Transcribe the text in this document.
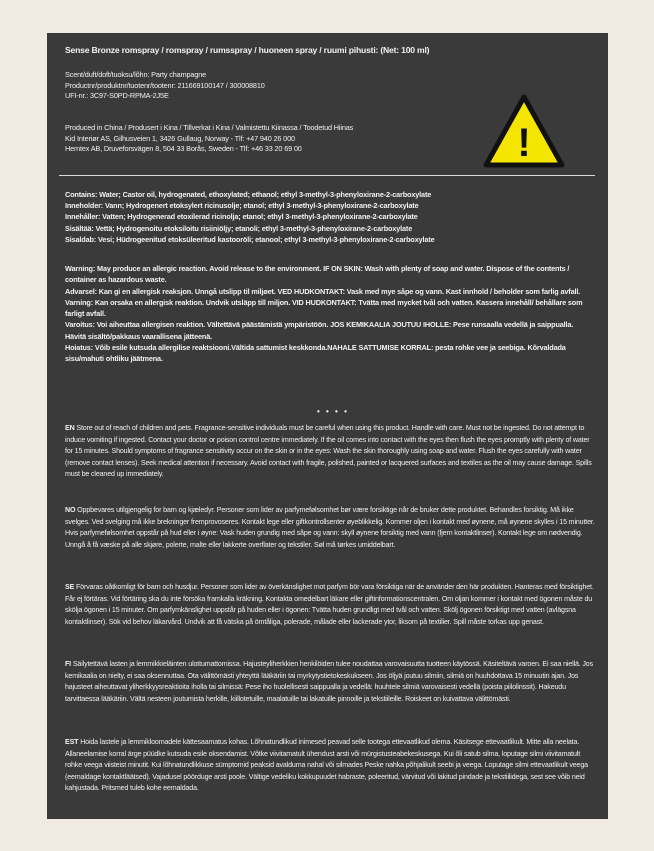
Sense Bronze romspray / romspray / rumsspray / huoneen spray / ruumi pihusti: (Net: 100 ml)
Scent/duft/doft/tuoksu/lõhn: Party champagne
Productnr/produktnr/tuotenr/tootenr: 211669100147 / 300008810
UFI-nr.: 3C97-S0PD-RPMA-2J5E
Produced in China / Produsert i Kina / Tillverkat i Kina / Valmistettu Kiinassa / Toodetud Hiinas
Kid Interiør AS, Gilhusveien 1, 3426 Gullaug, Norway - Tlf: +47 940 26 000
Hemtex AB, Druveforsvägen 8, 504 33 Borås, Sweden - Tlf: +46 33 20 69 00	!
Contains: Water; Castor oil, hydrogenated, ethoxylated; ethanol; ethyl 3-methyl-3-phenyloxirane-2-carboxylate
Inneholder: Vann; Hydrogenert etoksylert ricinusolje; etanol; ethyl 3-methyl-3-phenyloxirane-2-carboxylate
Innehåller: Vatten; Hydrogenerad etoxilerad ricinolja; etanol; ethyl 3-methyl-3-phenyloxirane-2-carboxylate
Sisältää: Vettä; Hydrogenoitu etoksiloitu risiiniöljy; etanoli; ethyl 3-methyl-3-phenyloxirane-2-carboxylate
Sisaldab: Vesi; Hüdrogeenitud etoksüleeritud kastooröli; etanool; ethyl 3-methyl-3-phenyloxirane-2-carboxylate

Warning: May produce an allergic reaction. Avoid release to the environment. IF ON SKIN: Wash with plenty of soap and water. Dispose of the contents / container as hazardous waste.

Advarsel: Kan gi en allergisk reaksjon. Unngå utslipp til miljøet. VED HUDKONTAKT: Vask med mye såpe og vann. Kast innhold / beholder som farlig avfall.

Varning: Kan orsaka en allergisk reaktion. Undvik utsläpp till miljon. VID HUDKONTAKT: Tvätta med mycket tvål och vatten. Kassera innehåll/ behållare som farligt avfall.

Varoitus: Voi aiheuttaa allergisen reaktion. Vältettävä päästämistä ympäristöön. JOS KEMIKAALIA JOUTUU IHOLLE: Pese runsaalla vedellä ja saippualla. Hävitä sisältö/pakkaus vaarallisena jätteenä.

Hoiatus: Võib esile kutsuda allergilise reaktsiooni.Vältida sattumist keskkonda.NAHALE SATTUMISE KORRAL: pesta rohke vee ja seebiga. Kõrvaldada sisu/mahuti ohtliku jäätmena.

• • • •
EN Store out of reach of children and pets. Fragrance-sensitive individuals must be careful when using this product. Handle with care. Must not be ingested. Do not attempt to induce vomiting if ingested. Contact your doctor or poison control centre immediately. If the oil comes into contact with the eyes then flush the eyes promptly with plenty of water for 15 minutes. Should symptoms of fragrance sensitivity occur on the skin or in the eyes: Wash the skin thoroughly using soap and water. Flush the eyes carefully with water (remove contact lenses). Seek medical attention if necessary. Avoid contact with fragile, polished, painted or lacquered surfaces and textiles as the oil may cause damage. Spills must be cleaned up immediately.
NO Oppbevares utilgjengelig for barn og kjæledyr. Personer som lider av parfymefølsomhet bør være forsiktige når de bruker dette produktet. Behandles forsiktig. Må ikke svelges. Ved svelging må ikke brekninger fremprovoseres. Kontakt lege eller giftkontrollsenter øyeblikkelig. Kommer oljen i kontakt med øynene, må øynene skylles i 15 minutter. Hvis parfymefølsomhet oppstår på hud eller i øyne: Vask huden grundig med såpe og vann: skyll øynene forsiktig med vann (fjern kontaktlinser). Kontakt lege om nødvendig. Unngå å få væske på alle skjøre, polerte, malte eller lakkerte overflater og tekstiler. Søl må tørkes umiddelbart.
SE Förvaras oåtkomligt för barn och husdjur. Personer som lider av överkänslighet mot parfym bör vara försiktiga när de använder den här produkten. Hanteras med försiktighet. Får ej förtäras. Vid förtäring ska du inte försöka framkalla kräkning. Kontakta omedelbart läkare eller giftinformationscentralen. Om oljan kommer i kontakt med ögonen måste du skölja ögonen i 15 minuter. Om parfymkänslighet uppstår på huden eller i ögonen: Tvätta huden grundligt med tvål och vatten. Skölj ögonen försiktigt med vatten (avlägsna kontaktlinser). Sök vid behov läkarvård. Undvik att få vätska på ömtåliga, polerade, målade eller lackerade ytor, liksom på textilier. Spill måste torkas upp genast.
FI Säilytettävä lasten ja lemmikkieläinten ulottumattomissa. Hajusteyliherkkien henkilöiden tulee noudattaa varovaisuutta tuotteen käytössä. Käsiteltävä varoen. Ei saa niellä. Jos kemikaalia on nielty, ei saa oksennuttaa. Ota välittömästi yhteyttä lääkäriin tai myrkytystietokeskukseen. Jos öljyä joutuu silmiin, silmiä on huuhdottava 15 minuutin ajan. Jos hajusteet aiheuttavat yliherkkyysreaktioita iholla tai silmissä: Pese iho huolellisesti saippualla ja vedellä: huuhtele silmiä varovaisesti vedellä (poista piilolinssit). Hakeudu tarvittaessa lääkäriin. Vältä nesteen joutumista herkille, kiillotetuille, maalatuille tai lakatuille pinnoille ja tekstiileille. Roiskeet on kuivattava välittömästi.
EST Hoida lastele ja lemmikloomadele kättesaamatus kohas. Lõhnatundlikud inimesed peavad selle tootega ettevaatlikud olema. Käsitsege ettevaatlikult. Mitte alla neelata. Allaneelamise korral ärge püüdke kutsuda esile oksendamist. Võtke viivitamatult ühendust arsti või mürgistusteabekeskusega. Kui õli satub silma, loputage silmi viivitamatult rohke veega viisteist minutit. Kui lõhnatundlikkuse sümptomid peaksid avalduma nahal või silmades Peske nahka põhjalikult seebi ja veega. Loputage silmi ettevaatlikult veega (eemaldage kontaktläätsed). Vajadusel pöörduge arsti poole. Vältige vedeliku kokkupuudet habraste, poleeritud, värvitud või lakitud pindade ja tekstiilidega, sest see võib neid kahjustada. Pritsmed tuleb kohe eemaldada.
